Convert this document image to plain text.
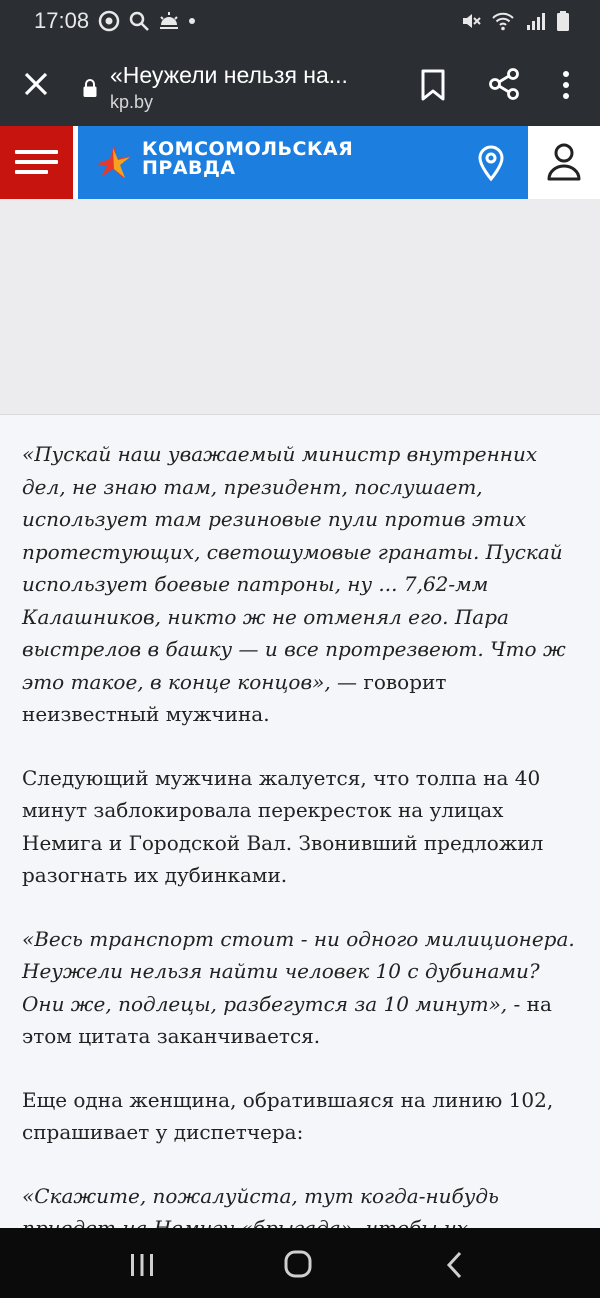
17:08
«Неужели нельзя на...
kp.by
КОМСОМОЛЬСКАЯ
ПРАВДА

«Пускай наш уважаемый министр внутренних дел, не знаю там, президент, послушает, использует там резиновые пули против этих протестующих, светошумовые гранаты. Пускай использует боевые патроны, ну ... 7,62-мм Калашников, никто ж не отменял его. Пара выстрелов в башку — и все протрезвеют. Что ж это такое, в конце концов», — говорит неизвестный мужчина.

Следующий мужчина жалуется, что толпа на 40 минут заблокировала перекресток на улицах Немига и Городской Вал. Звонивший предложил разогнать их дубинками.

«Весь транспорт стоит - ни одного милиционера. Неужели нельзя найти человек 10 с дубинами? Они же, подлецы, разбегутся за 10 минут», - на этом цитата заканчивается.

Еще одна женщина, обратившаяся на линию 102, спрашивает у диспетчера:

«Скажите, пожалуйста, тут когда-нибудь
